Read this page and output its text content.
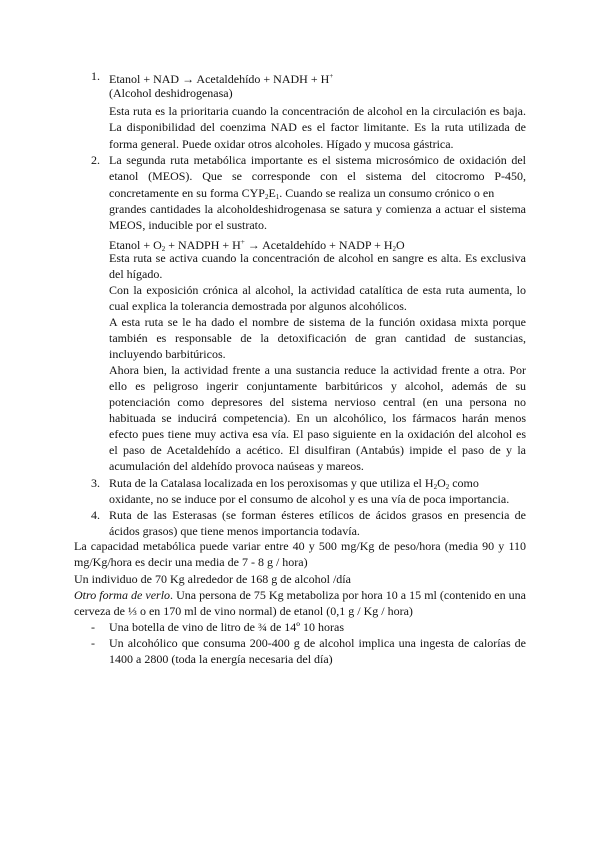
1. Etanol + NAD → Acetaldehído + NADH + H+
(Alcohol deshidrogenasa)
Esta ruta es la prioritaria cuando la concentración de alcohol en la circulación es baja.
La disponibilidad del coenzima NAD es el factor limitante. Es la ruta utilizada de
forma general. Puede oxidar otros alcoholes. Hígado y mucosa gástrica.
2. La segunda ruta metabólica importante es el sistema microsómico de oxidación del
etanol (MEOS). Que se corresponde con el sistema del citocromo P-450,
concretamente en su forma $CYP_2E_1$. Cuando se realiza un consumo crónico o en
grandes cantidades la alcoholdeshidrogenasa se satura y comienza a actuar el sistema
MEOS, inducible por el sustrato.
Etanol + $O_2$ + NADPH + H+ → Acetaldehído + NADP + $H_2O$
Esta ruta se activa cuando la concentración de alcohol en sangre es alta. Es exclusiva
del hígado.
Con la exposición crónica al alcohol, la actividad catalítica de esta ruta aumenta, lo
cual explica la tolerancia demostrada por algunos alcohólicos.
A esta ruta se le ha dado el nombre de sistema de la función oxidasa mixta porque
también es responsable de la detoxificación de gran cantidad de sustancias,
incluyendo barbitúricos.
Ahora bien, la actividad frente a una sustancia reduce la actividad frente a otra. Por
ello es peligroso ingerir conjuntamente barbitúricos y alcohol, además de su
potenciación como depresores del sistema nervioso central (en una persona no
habituada se inducirá competencia). En un alcohólico, los fármacos harán menos
efecto pues tiene muy activa esa vía. El paso siguiente en la oxidación del alcohol es
el paso de Acetaldehído a acético. El disulfiran (Antabús) impide el paso de y la
acumulación del aldehído provoca naúseas y mareos.
3. Ruta de la Catalasa localizada en los peroxisomas y que utiliza el $H_2O_2$ como
oxidante, no se induce por el consumo de alcohol y es una vía de poca importancia.
4. Ruta de las Esterasas (se forman ésteres etílicos de ácidos grasos en presencia de
ácidos grasos) que tiene menos importancia todavía.
La capacidad metabólica puede variar entre 40 y 500 mg/Kg de peso/hora (media 90 y 110
mg/Kg/hora es decir una media de 7 - 8 g / hora)
Un individuo de 70 Kg alrededor de 168 g de alcohol /día
Otro forma de verlo. Una persona de 75 Kg metaboliza por hora 10 a 15 ml (contenido en una
cerveza de ⅓ o en 170 ml de vino normal) de etanol (0,1 g / Kg / hora)
- Una botella de vino de litro de ¾ de 14º 10 horas
- Un alcohólico que consuma 200-400 g de alcohol implica una ingesta de calorías de
1400 a 2800 (toda la energía necesaria del día)
